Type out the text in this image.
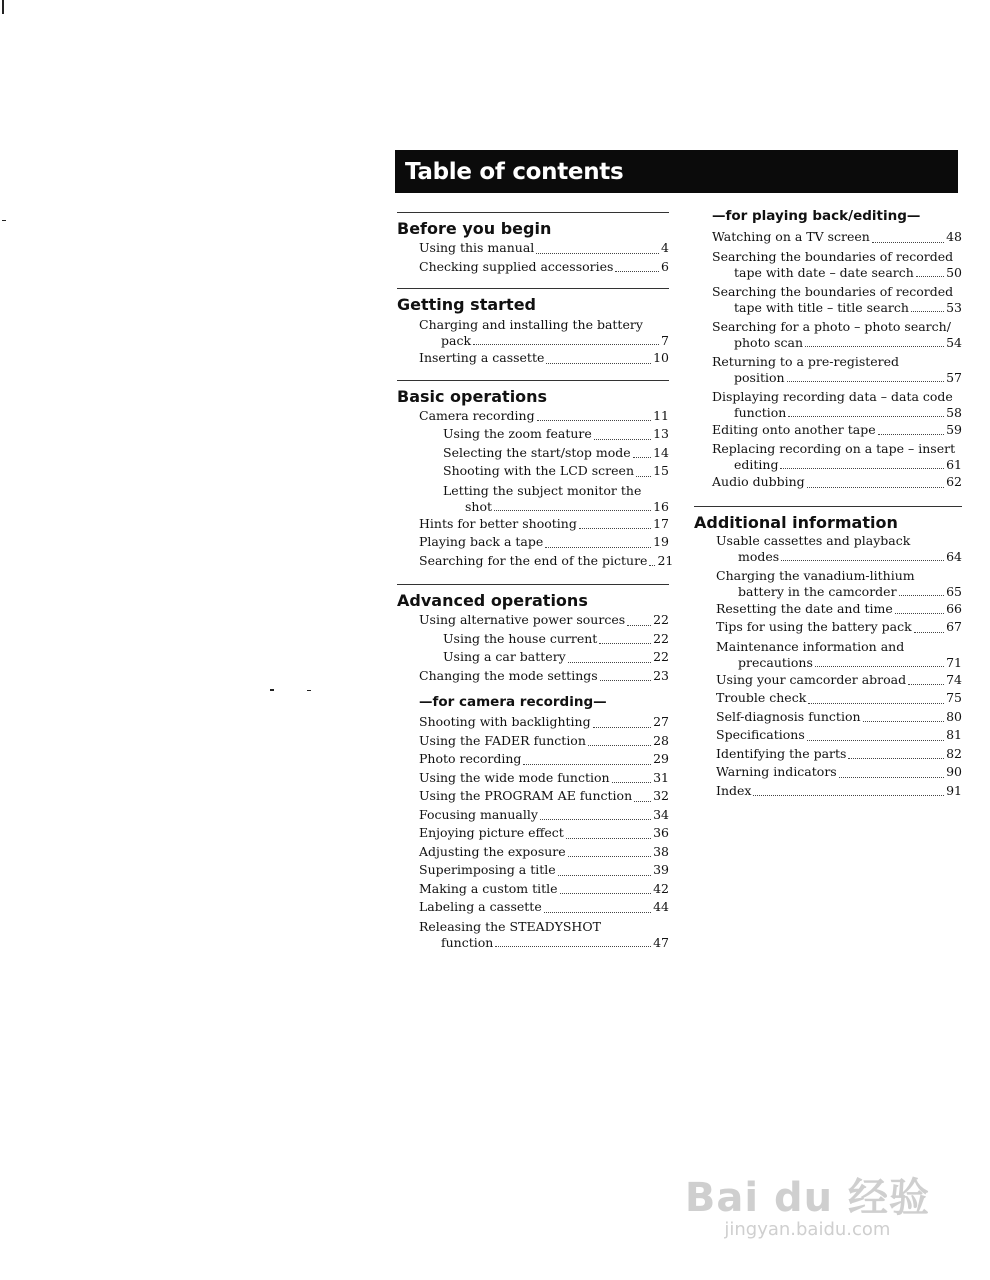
Table of contents
Before you begin
Using this manual	4
Checking supplied accessories	6
Getting started
Charging and installing the battery
pack	7
Inserting a cassette	10
Basic operations
Camera recording	11
Using the zoom feature	13
Selecting the start/stop mode 14
Shooting with the LCD screen 15
Letting the subject monitor the
shot	16
Hints for better shooting	17
Playing back a tape	19
Searching for the end of the picture 21
Advanced operations
Using alternative power sources 22
Using the house current	22
Using a car battery	22
Changing the mode settings	23
—for camera recording—
Shooting with backlighting	27
Using the FADER function	28
Photo recording	29
Using the wide mode function	31
Using the PROGRAM AE function 32
Focusing manually	34
Enjoying picture effect	36
Adjusting the exposure	38
Superimposing a title	39
Making a custom title	42
Labeling a cassette	44
Releasing the STEADYSHOT
function	47
—for playing back/editing—
Watching on a TV screen	48
Searching the boundaries of recorded
tape with date – date search	50
Searching the boundaries of recorded
tape with title – title search	53
Searching for a photo – photo search/
photo scan	54
Returning to a pre-registered
position	57
Displaying recording data – data code
function	58
Editing onto another tape	59
Replacing recording on a tape – insert
editing	61
Audio dubbing	62
Additional information
Usable cassettes and playback
modes	64
Charging the vanadium-lithium
battery in the camcorder	65
Resetting the date and time	66
Tips for using the battery pack	67
Maintenance information and
precautions	71
Using your camcorder abroad	74
Trouble check	75
Self-diagnosis function	80
Specifications	81
Identifying the parts	82
Warning indicators	90
Index	91
Bai du 经验
jingyan.baidu.com
